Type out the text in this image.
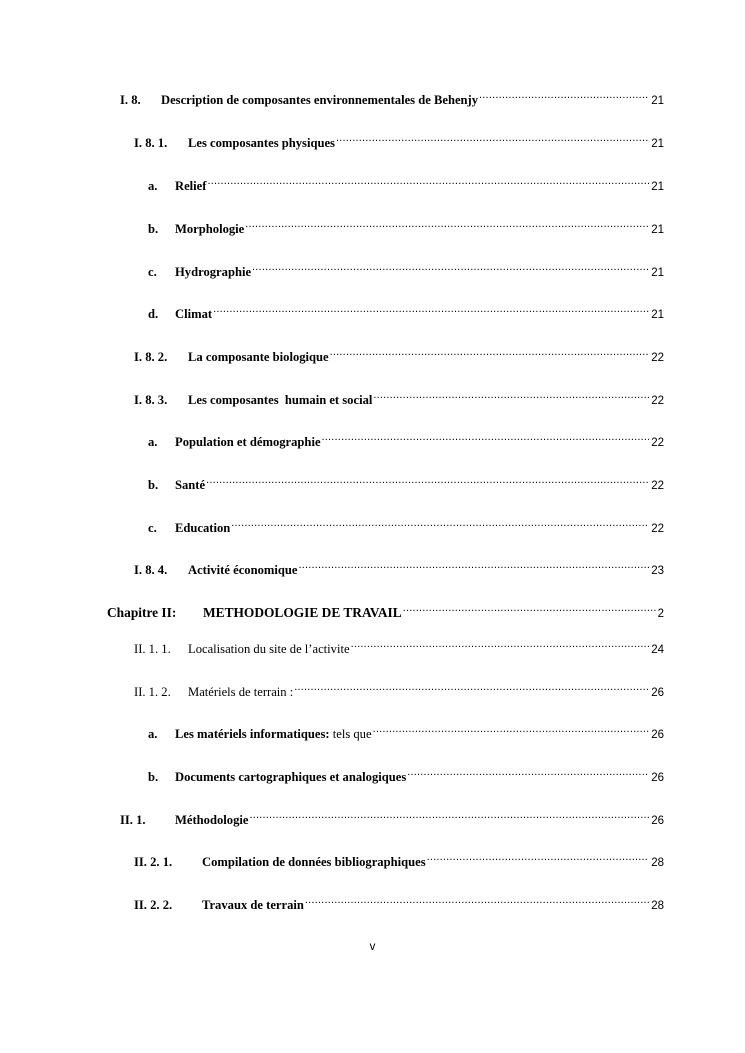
I. 8.	Description de composantes environnementales de Behenjy .....	21
I. 8. 1.	Les composantes physiques .....	21
a.	Relief .....	21
b.	Morphologie .....	21
c.	Hydrographie .....	21
d.	Climat .....	21
I. 8. 2.	La composante biologique .....	22
I. 8. 3.	Les composantes  humain et social .....	22
a.	Population et démographie .....	22
b.	Santé .....	22
c.	Education .....	22
I. 8. 4.	Activité économique .....	23
Chapitre II:	METHODOLOGIE DE TRAVAIL .....	2
II. 1. 1.	Localisation du site de l’activite .....	24
II. 1. 2.	Matériels de terrain : .....	26
a.	Les matériels informatiques: tels que .....	26
b.	Documents cartographiques et analogiques .....	26
II. 1.	Méthodologie .....	26
II. 2. 1.	Compilation de données bibliographiques .....	28
II. 2. 2.	Travaux de terrain .....	28
v
